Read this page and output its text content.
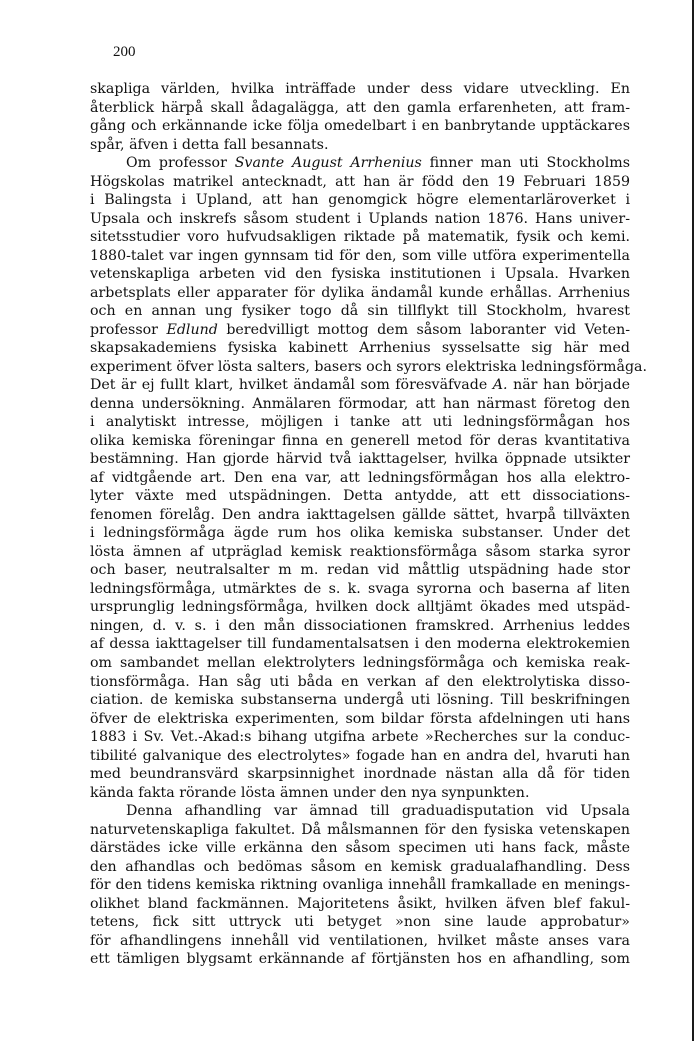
200
skapliga världen, hvilka inträffade under dess vidare utveckling. En
återblick härpå skall ådagalägga, att den gamla erfarenheten, att fram-
gång och erkännande icke följa omedelbart i en banbrytande upptäckares
spår, äfven i detta fall besannats.
Om professor Svante August Arrhenius finner man uti Stockholms
Högskolas matrikel antecknadt, att han är född den 19 Februari 1859
i Balingsta i Upland, att han genomgick högre elementarläroverket i
Upsala och inskrefs såsom student i Uplands nation 1876. Hans univer-
sitetsstudier voro hufvudsakligen riktade på matematik, fysik och kemi.
1880-talet var ingen gynnsam tid för den, som ville utföra experimentella
vetenskapliga arbeten vid den fysiska institutionen i Upsala. Hvarken
arbetsplats eller apparater för dylika ändamål kunde erhållas. Arrhenius
och en annan ung fysiker togo då sin tillflykt till Stockholm, hvarest
professor Edlund beredvilligt mottog dem såsom laboranter vid Veten-
skapsakademiens fysiska kabinett Arrhenius sysselsatte sig här med
experiment öfver lösta salters, basers och syrors elektriska ledningsförmåga.
Det är ej fullt klart, hvilket ändamål som föresväfvade A. när han började
denna undersökning. Anmälaren förmodar, att han närmast företog den
i analytiskt intresse, möjligen i tanke att uti ledningsförmågan hos
olika kemiska föreningar finna en generell metod för deras kvantitativa
bestämning. Han gjorde härvid två iakttagelser, hvilka öppnade utsikter
af vidtgående art. Den ena var, att ledningsförmågan hos alla elektro-
lyter växte med utspädningen. Detta antydde, att ett dissociations-
fenomen förelåg. Den andra iakttagelsen gällde sättet, hvarpå tillväxten
i ledningsförmåga ägde rum hos olika kemiska substanser. Under det
lösta ämnen af utpräglad kemisk reaktionsförmåga såsom starka syror
och baser, neutralsalter m m. redan vid måttlig utspädning hade stor
ledningsförmåga, utmärktes de s. k. svaga syrorna och baserna af liten
ursprunglig ledningsförmåga, hvilken dock alltjämt ökades med utspäd-
ningen, d. v. s. i den mån dissociationen framskred. Arrhenius leddes
af dessa iakttagelser till fundamentalsatsen i den moderna elektrokemien
om sambandet mellan elektrolyters ledningsförmåga och kemiska reak-
tionsförmåga. Han såg uti båda en verkan af den elektrolytiska disso-
ciation. de kemiska substanserna undergå uti lösning. Till beskrifningen
öfver de elektriska experimenten, som bildar första afdelningen uti hans
1883 i Sv. Vet.-Akad:s bihang utgifna arbete »Recherches sur la conduc-
tibilité galvanique des electrolytes» fogade han en andra del, hvaruti han
med beundransvärd skarpsinnighet inordnade nästan alla då för tiden
kända fakta rörande lösta ämnen under den nya synpunkten.
Denna afhandling var ämnad till graduadisputation vid Upsala
naturvetenskapliga fakultet. Då målsmannen för den fysiska vetenskapen
därstädes icke ville erkänna den såsom specimen uti hans fack, måste
den afhandlas och bedömas såsom en kemisk gradualafhandling. Dess
för den tidens kemiska riktning ovanliga innehåll framkallade en menings-
olikhet bland fackmännen. Majoritetens åsikt, hvilken äfven blef fakul-
tetens, fick sitt uttryck uti betyget »non sine laude approbatur»
för afhandlingens innehåll vid ventilationen, hvilket måste anses vara
ett tämligen blygsamt erkännande af förtjänsten hos en afhandling, som
